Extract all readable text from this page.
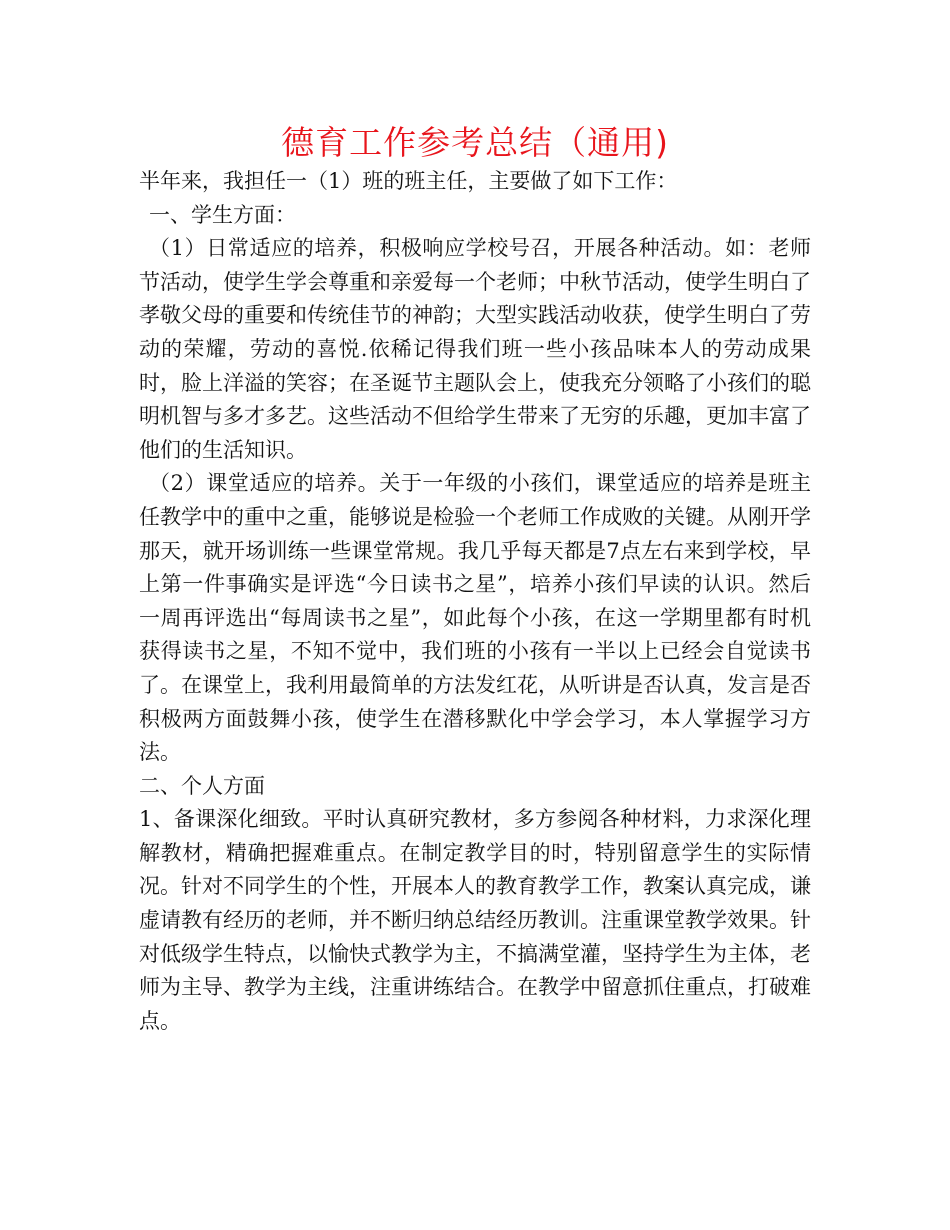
德育工作参考总结（通用)

半年来，我担任一（1）班的班主任，主要做了如下工作：

一、学生方面：

（1）日常适应的培养，积极响应学校号召，开展各种活动。如：老师节活动，使学生学会尊重和亲爱每一个老师；中秋节活动，使学生明白了孝敬父母的重要和传统佳节的神韵；大型实践活动收获，使学生明白了劳动的荣耀，劳动的喜悦.依稀记得我们班一些小孩品味本人的劳动成果时，脸上洋溢的笑容；在圣诞节主题队会上，使我充分领略了小孩们的聪明机智与多才多艺。这些活动不但给学生带来了无穷的乐趣，更加丰富了他们的生活知识。

（2）课堂适应的培养。关于一年级的小孩们，课堂适应的培养是班主任教学中的重中之重，能够说是检验一个老师工作成败的关键。从刚开学那天，就开场训练一些课堂常规。我几乎每天都是7点左右来到学校，早上第一件事确实是评选“今日读书之星”，培养小孩们早读的认识。然后一周再评选出“每周读书之星”，如此每个小孩，在这一学期里都有时机获得读书之星，不知不觉中，我们班的小孩有一半以上已经会自觉读书了。在课堂上，我利用最简单的方法发红花，从听讲是否认真，发言是否积极两方面鼓舞小孩，使学生在潜移默化中学会学习，本人掌握学习方法。

二、个人方面

1、备课深化细致。平时认真研究教材，多方参阅各种材料，力求深化理解教材，精确把握难重点。在制定教学目的时，特别留意学生的实际情况。针对不同学生的个性，开展本人的教育教学工作，教案认真完成，谦虚请教有经历的老师，并不断归纳总结经历教训。注重课堂教学效果。针对低级学生特点，以愉快式教学为主，不搞满堂灌，坚持学生为主体，老师为主导、教学为主线，注重讲练结合。在教学中留意抓住重点，打破难点。
